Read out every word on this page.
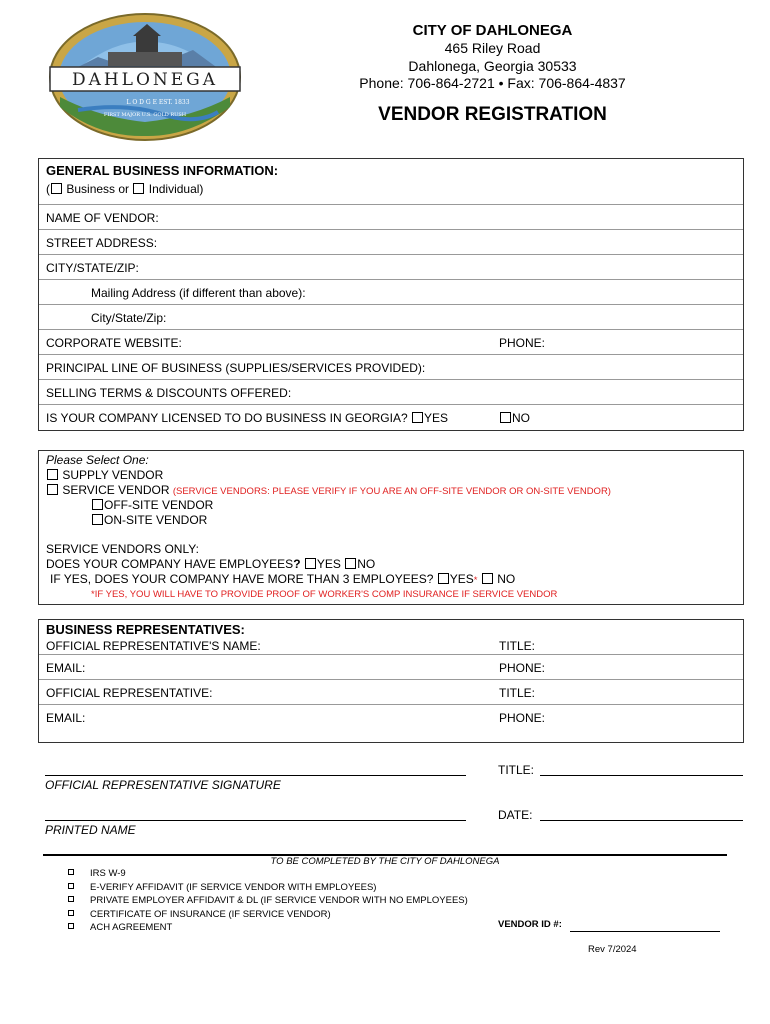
DAHLONEGA
L O D G E EST. 1833
FIRST MAJOR U.S. GOLD RUSH
CITY OF DAHLONEGA
465 Riley Road
Dahlonega, Georgia 30533
Phone: 706-864-2721 • Fax: 706-864-4837
VENDOR REGISTRATION
GENERAL BUSINESS INFORMATION:
( Business or Individual)
NAME OF VENDOR:
STREET ADDRESS:
CITY/STATE/ZIP:
Mailing Address (if different than above):
City/State/Zip:
CORPORATE WEBSITE:	PHONE:
PRINCIPAL LINE OF BUSINESS (SUPPLIES/SERVICES PROVIDED):
SELLING TERMS & DISCOUNTS OFFERED:
IS YOUR COMPANY LICENSED TO DO BUSINESS IN GEORGIA? YES	NO
Please Select One:
SUPPLY VENDOR
SERVICE VENDOR (SERVICE VENDORS: PLEASE VERIFY IF YOU ARE AN OFF-SITE VENDOR OR ON-SITE VENDOR)
OFF-SITE VENDOR
ON-SITE VENDOR
SERVICE VENDORS ONLY:
DOES YOUR COMPANY HAVE EMPLOYEES? YES NO
IF YES, DOES YOUR COMPANY HAVE MORE THAN 3 EMPLOYEES? YES* NO
*IF YES, YOU WILL HAVE TO PROVIDE PROOF OF WORKER'S COMP INSURANCE IF SERVICE VENDOR
BUSINESS REPRESENTATIVES:
OFFICIAL REPRESENTATIVE'S NAME:	TITLE:
EMAIL:	PHONE:
OFFICIAL REPRESENTATIVE:	TITLE:
EMAIL:	PHONE:
OFFICIAL REPRESENTATIVE SIGNATURE
TITLE:
PRINTED NAME
DATE:
TO BE COMPLETED BY THE CITY OF DAHLONEGA
IRS W-9
E-VERIFY AFFIDAVIT (IF SERVICE VENDOR WITH EMPLOYEES)
PRIVATE EMPLOYER AFFIDAVIT & DL (IF SERVICE VENDOR WITH NO EMPLOYEES)
CERTIFICATE OF INSURANCE (IF SERVICE VENDOR)
ACH AGREEMENT	VENDOR ID #:
Rev 7/2024
